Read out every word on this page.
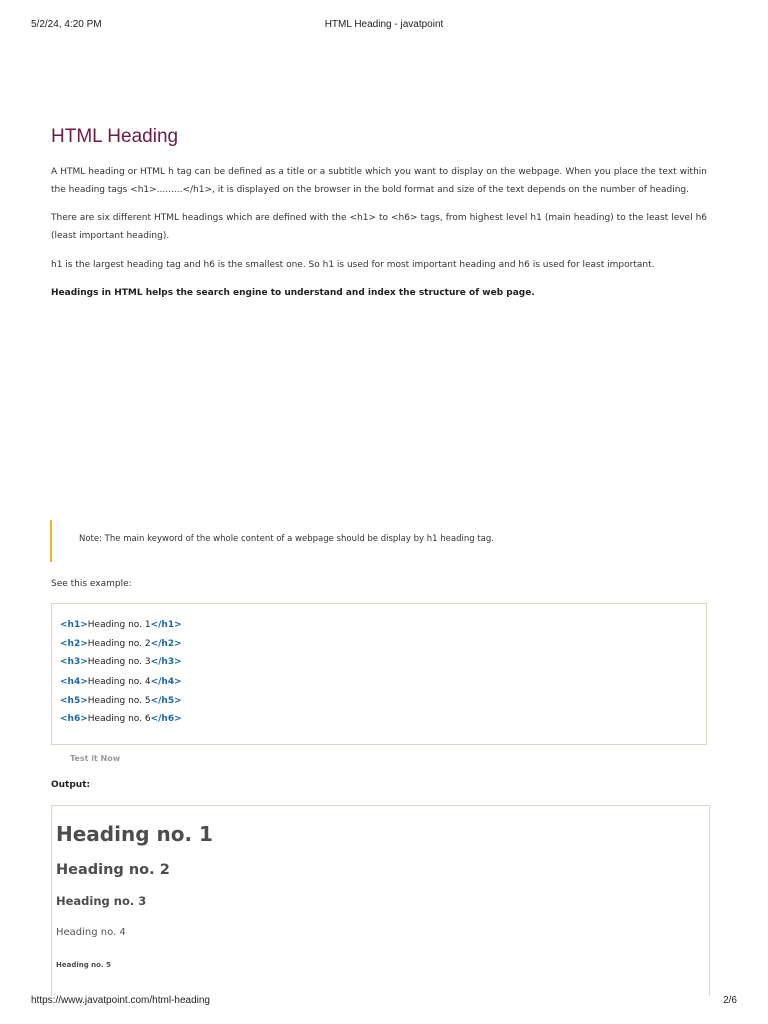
5/2/24, 4:20 PM	HTML Heading - javatpoint
HTML Heading

A HTML heading or HTML h tag can be defined as a title or a subtitle which you want to display on the webpage. When you place the text within the heading tags <h1>.........</h1>, it is displayed on the browser in the bold format and size of the text depends on the number of heading.

There are six different HTML headings which are defined with the <h1> to <h6> tags, from highest level h1 (main heading) to the least level h6 (least important heading).

h1 is the largest heading tag and h6 is the smallest one. So h1 is used for most important heading and h6 is used for least important.

Headings in HTML helps the search engine to understand and index the structure of web page.

Note: The main keyword of the whole content of a webpage should be display by h1 heading tag.
See this example:
<h1>Heading no. 1</h1>
<h2>Heading no. 2</h2>
<h3>Heading no. 3</h3>
<h4>Heading no. 4</h4>
<h5>Heading no. 5</h5>
<h6>Heading no. 6</h6>
Test it Now
Output:
Heading no. 1
Heading no. 2
Heading no. 3
Heading no. 4
Heading no. 5
https://www.javatpoint.com/html-heading	2/6
